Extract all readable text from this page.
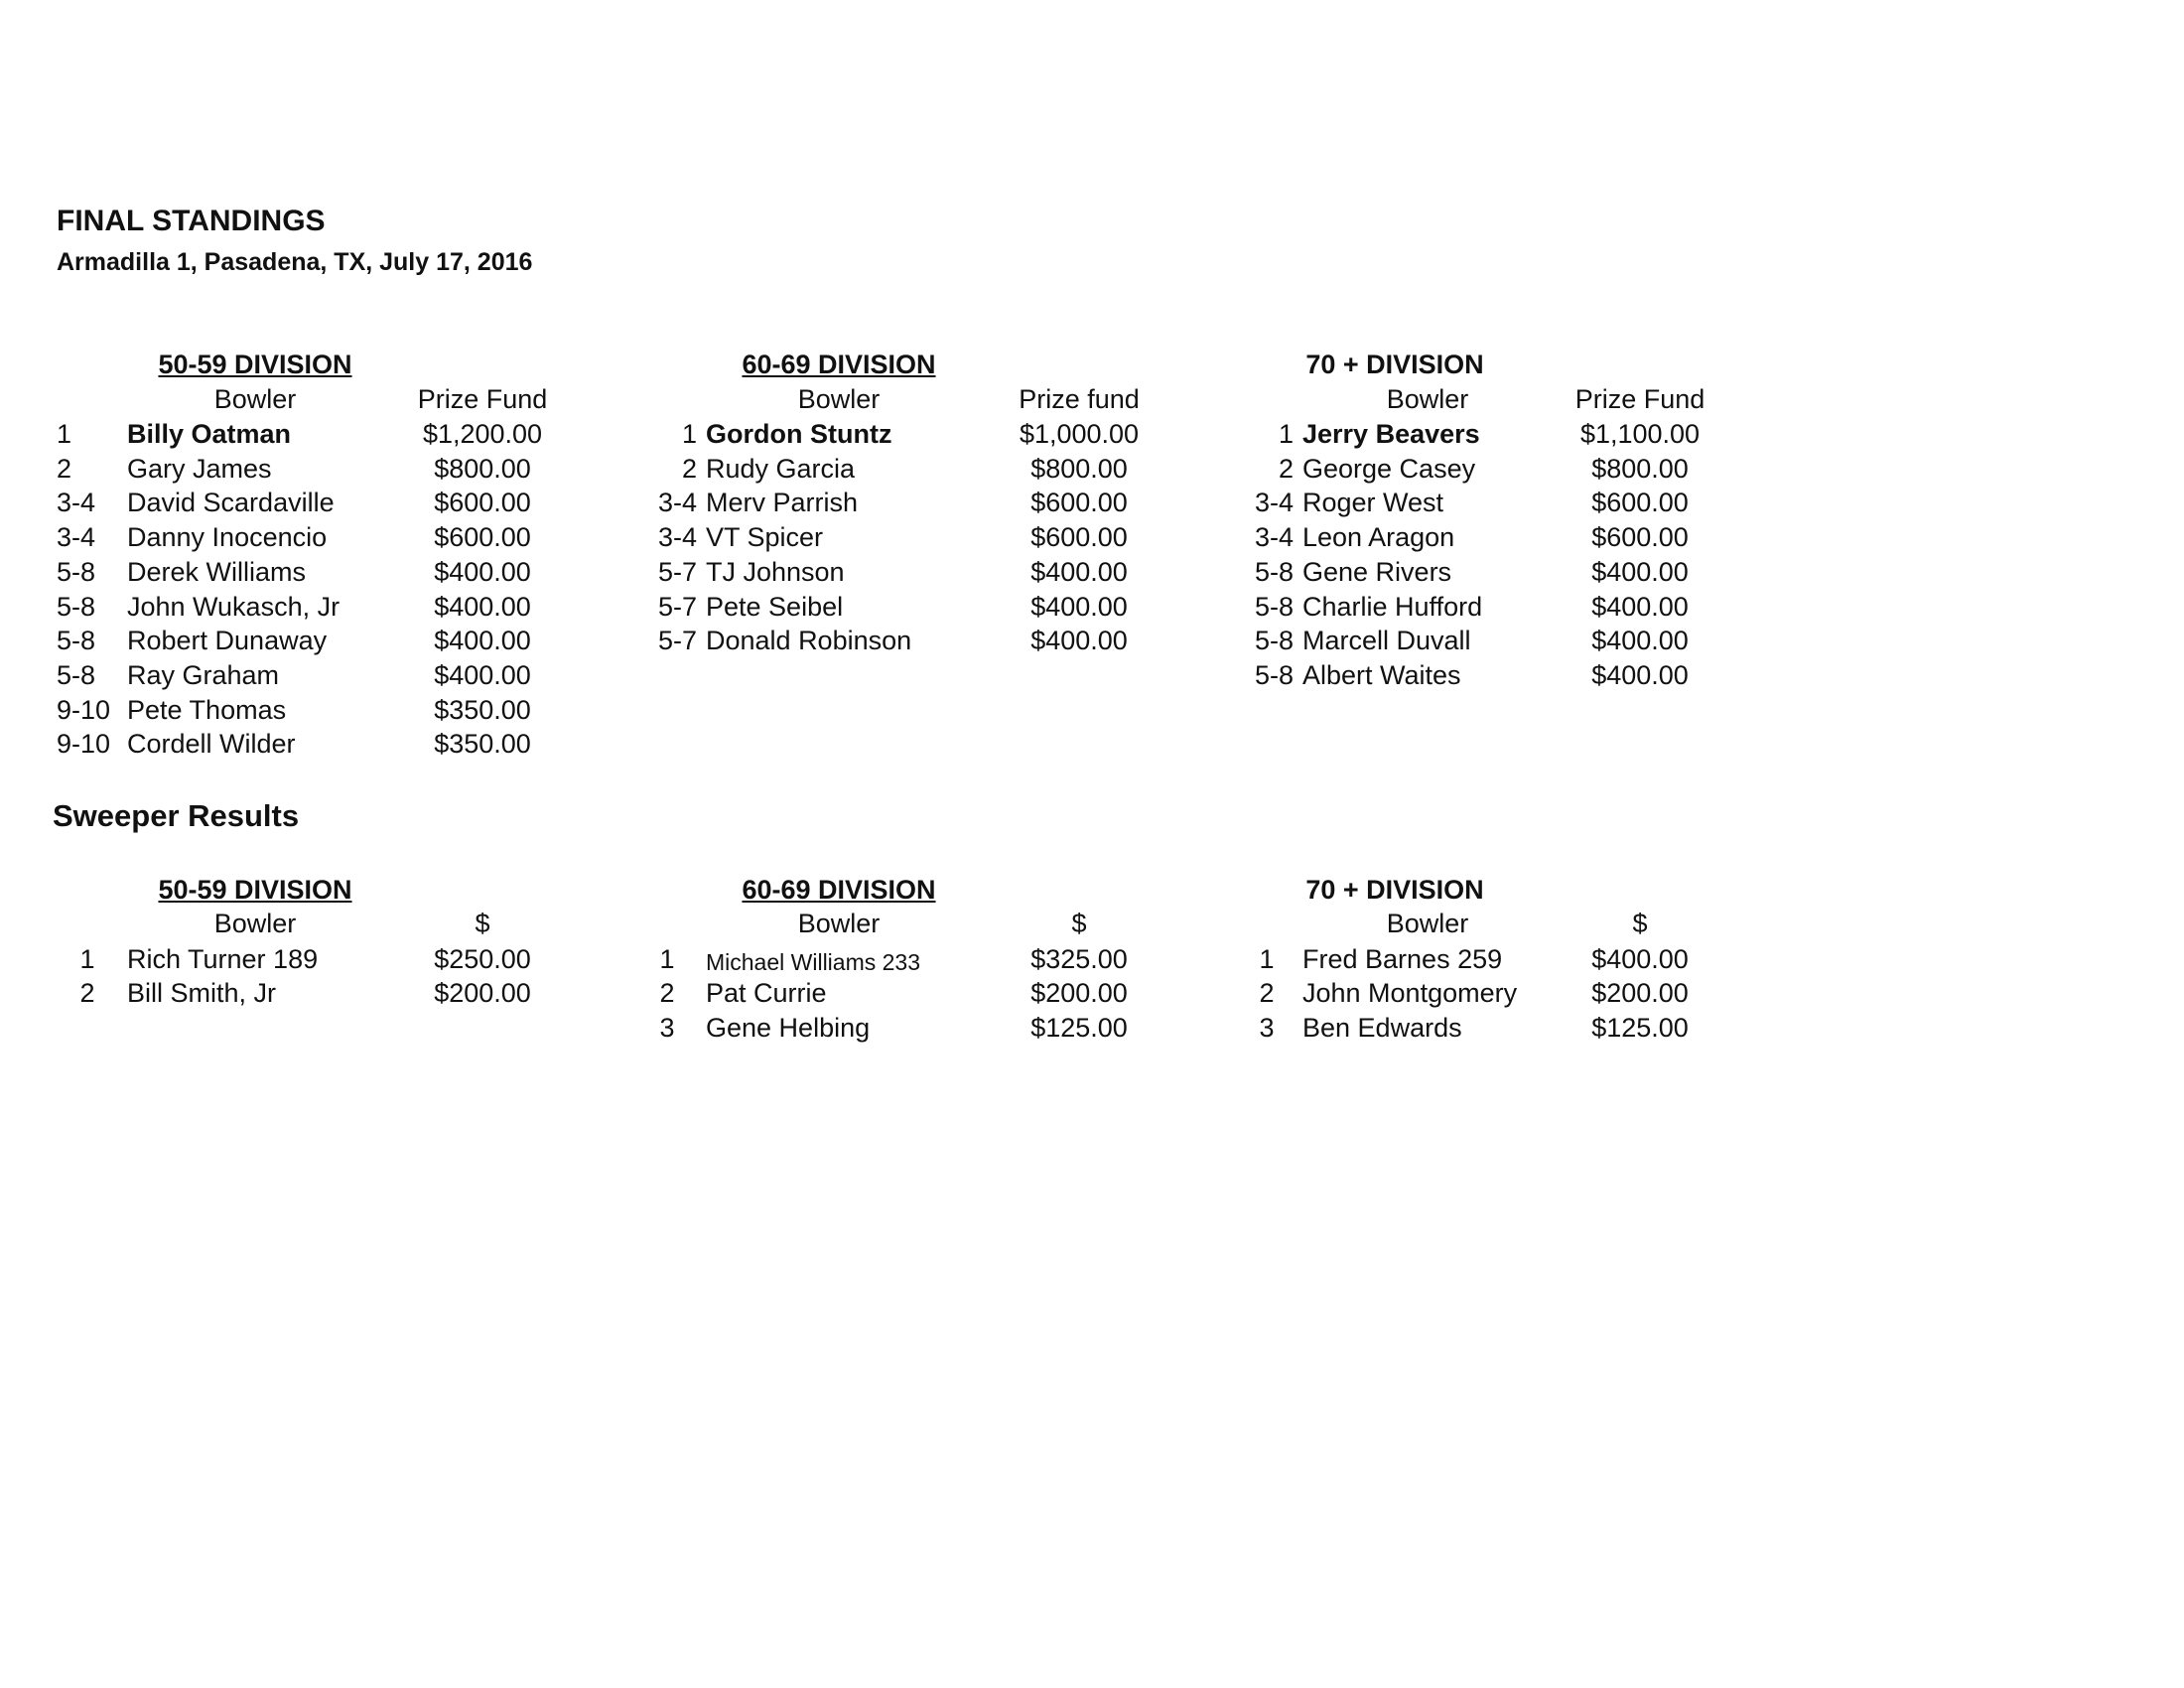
FINAL STANDINGS
Armadilla 1, Pasadena, TX, July 17, 2016
50-59 DIVISION
Bowler	Prize Fund
1 Billy Oatman	$1,200.00
2 Gary James	$800.00
3-4 David Scardaville	$600.00
3-4 Danny Inocencio	$600.00
5-8 Derek Williams	$400.00
5-8 John Wukasch, Jr	$400.00
5-8 Robert Dunaway	$400.00
5-8 Ray Graham	$400.00
9-10 Pete Thomas	$350.00
9-10 Cordell Wilder	$350.00
60-69 DIVISION
Bowler	Prize fund
1 Gordon Stuntz	$1,000.00
2 Rudy Garcia	$800.00
3-4 Merv Parrish	$600.00
3-4 VT Spicer	$600.00
5-7 TJ Johnson	$400.00
5-7 Pete Seibel	$400.00
5-7 Donald Robinson	$400.00
70 + DIVISION
Bowler	Prize Fund
1 Jerry Beavers	$1,100.00
2 George Casey	$800.00
3-4 Roger West	$600.00
3-4 Leon Aragon	$600.00
5-8 Gene Rivers	$400.00
5-8 Charlie Hufford	$400.00
5-8 Marcell Duvall	$400.00
5-8 Albert Waites	$400.00
Sweeper Results
50-59 DIVISION
Bowler	$
1 Rich Turner 189	$250.00
2 Bill Smith, Jr	$200.00
60-69 DIVISION
Bowler	$
1 Michael Williams 233	$325.00
2 Pat Currie	$200.00
3 Gene Helbing	$125.00
70 + DIVISION
Bowler	$
1 Fred Barnes 259	$400.00
2 John Montgomery	$200.00
3 Ben Edwards	$125.00
